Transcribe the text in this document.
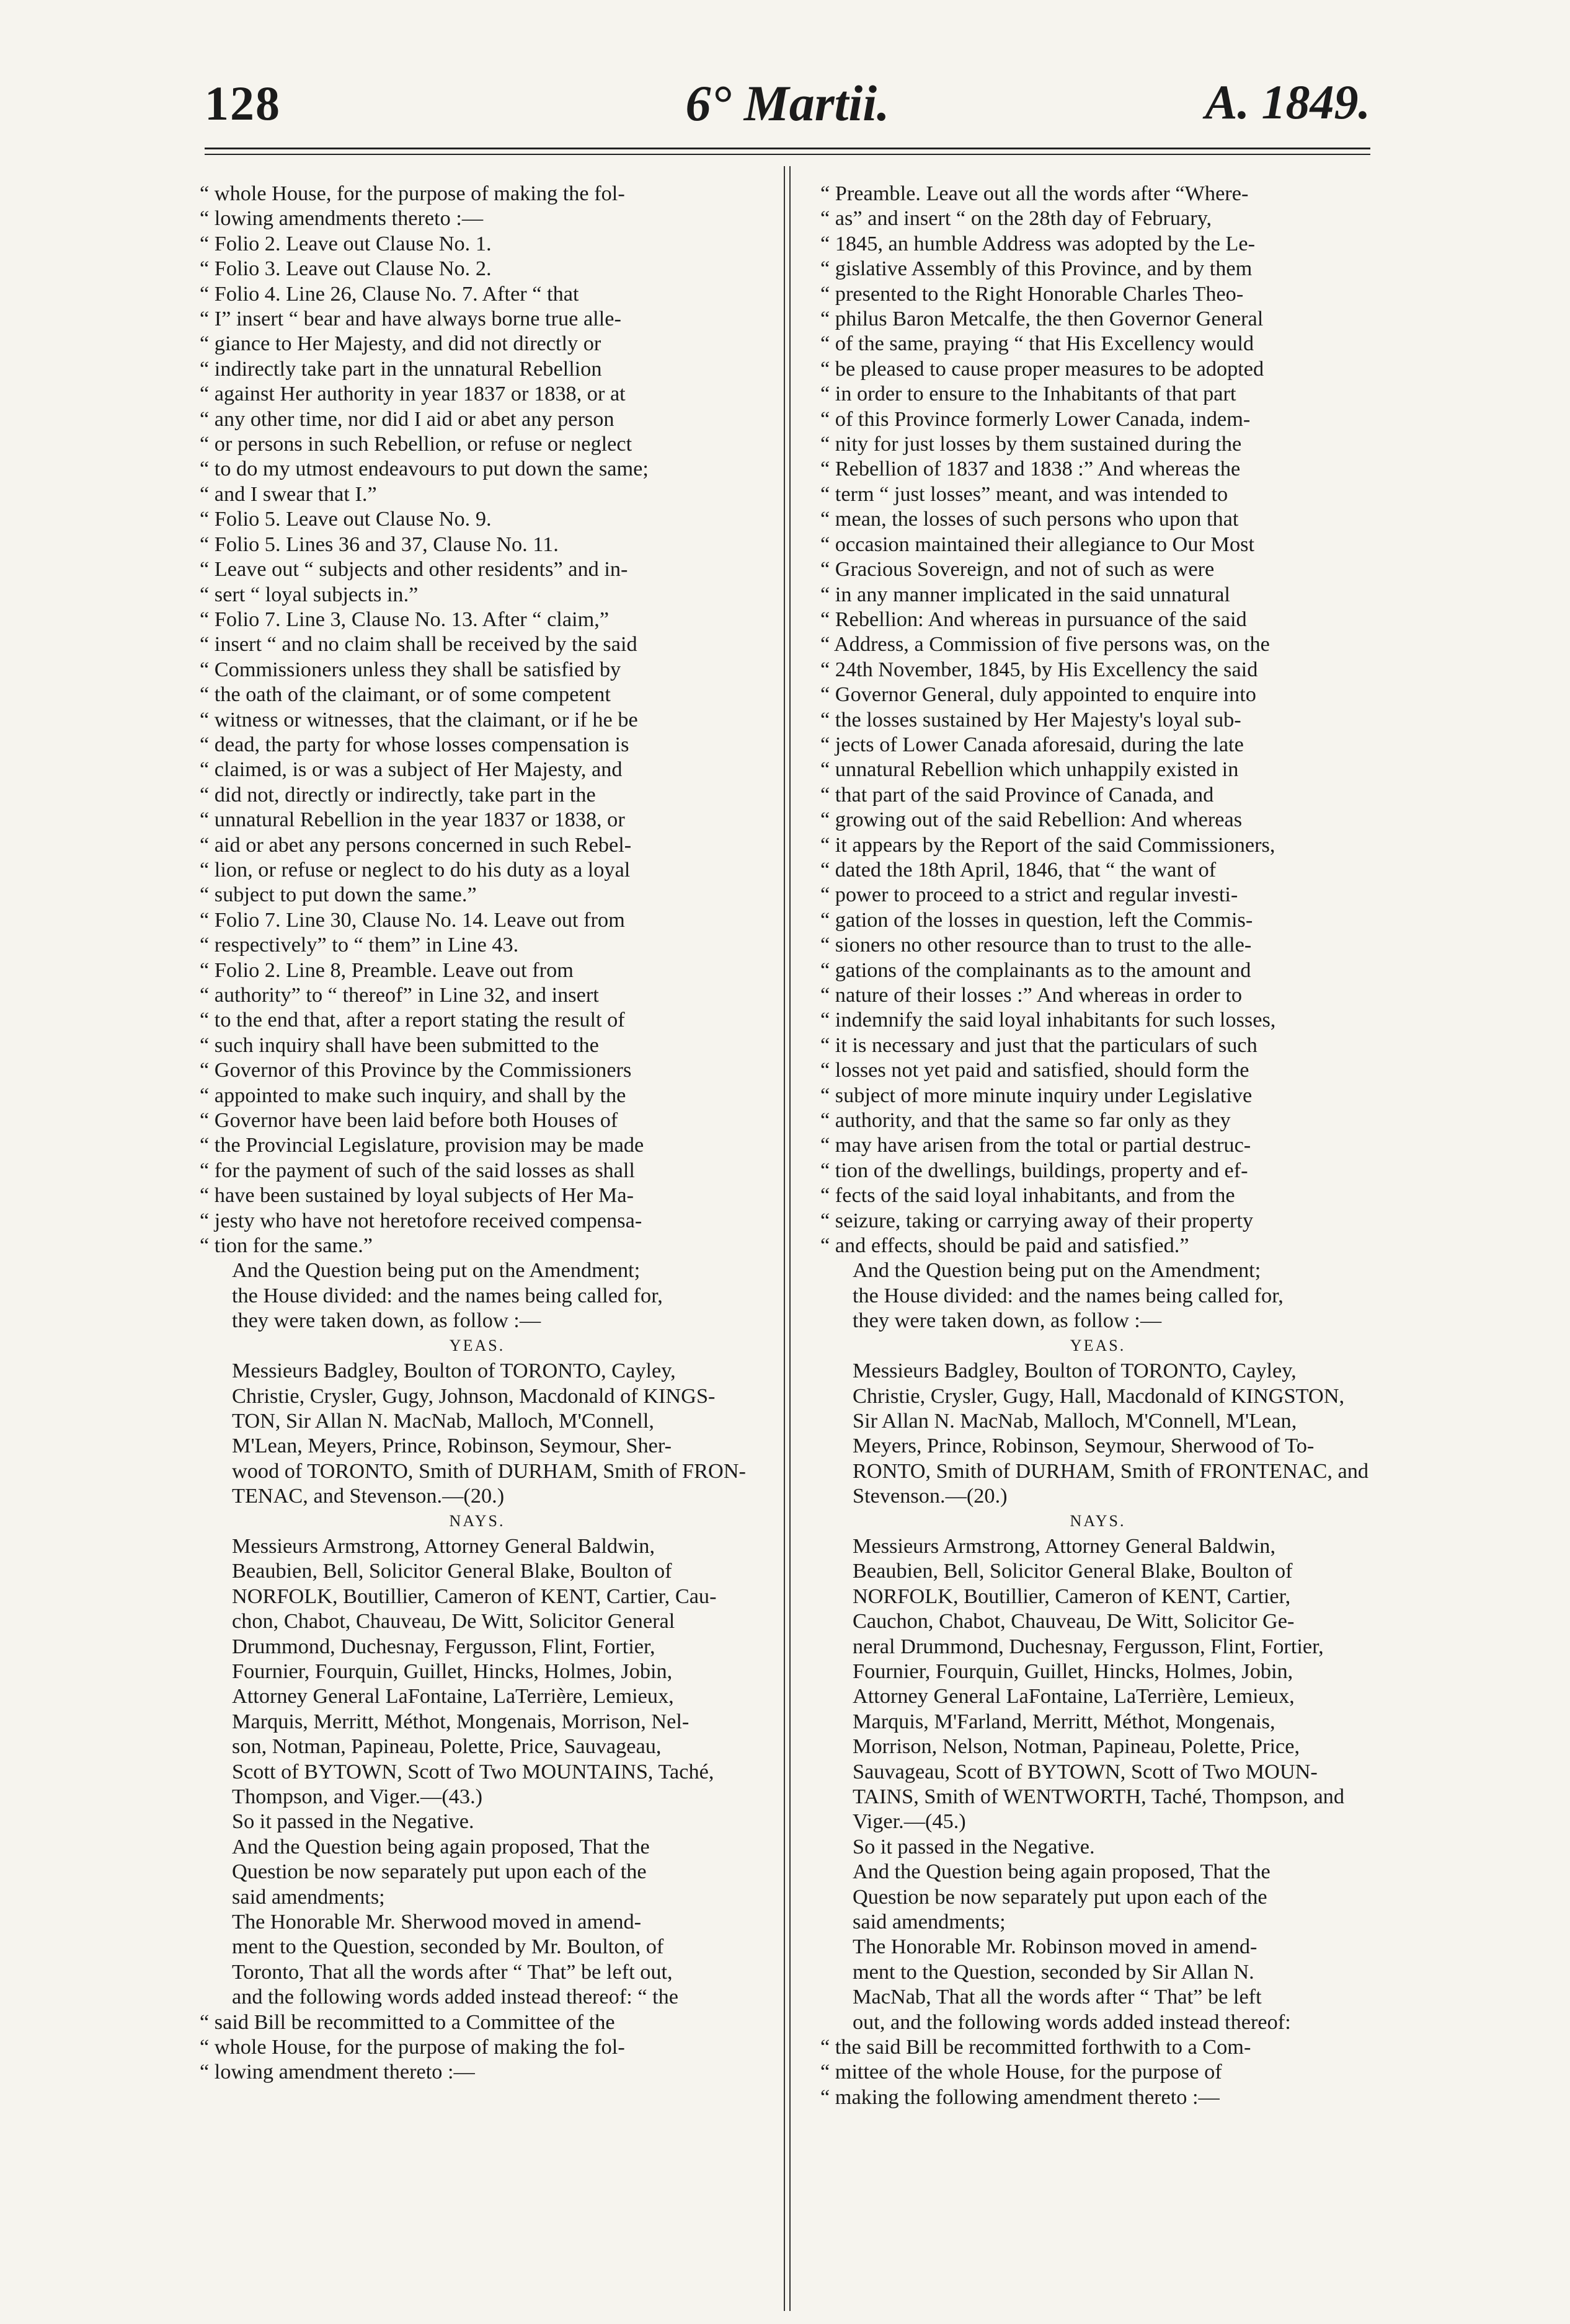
128	6° Martii.	A. 1849.

“ whole House, for the purpose of making the fol-

“ lowing amendments thereto :—

“ Folio 2. Leave out Clause No. 1.

“ Folio 3. Leave out Clause No. 2.

“ Folio 4. Line 26, Clause No. 7. After “ that

“ I” insert “ bear and have always borne true alle-

“ giance to Her Majesty, and did not directly or

“ indirectly take part in the unnatural Rebellion

“ against Her authority in year 1837 or 1838, or at

“ any other time, nor did I aid or abet any person

“ or persons in such Rebellion, or refuse or neglect

“ to do my utmost endeavours to put down the same;

“ and I swear that I.”

“ Folio 5. Leave out Clause No. 9.

“ Folio 5. Lines 36 and 37, Clause No. 11.

“ Leave out “ subjects and other residents” and in-

“ sert “ loyal subjects in.”

“ Folio 7. Line 3, Clause No. 13. After “ claim,”

“ insert “ and no claim shall be received by the said

“ Commissioners unless they shall be satisfied by

“ the oath of the claimant, or of some competent

“ witness or witnesses, that the claimant, or if he be

“ dead, the party for whose losses compensation is

“ claimed, is or was a subject of Her Majesty, and

“ did not, directly or indirectly, take part in the

“ unnatural Rebellion in the year 1837 or 1838, or

“ aid or abet any persons concerned in such Rebel-

“ lion, or refuse or neglect to do his duty as a loyal

“ subject to put down the same.”

“ Folio 7. Line 30, Clause No. 14. Leave out from

“ respectively” to “ them” in Line 43.

“ Folio 2. Line 8, Preamble. Leave out from

“ authority” to “ thereof” in Line 32, and insert

“ to the end that, after a report stating the result of

“ such inquiry shall have been submitted to the

“ Governor of this Province by the Commissioners

“ appointed to make such inquiry, and shall by the

“ Governor have been laid before both Houses of

“ the Provincial Legislature, provision may be made

“ for the payment of such of the said losses as shall

“ have been sustained by loyal subjects of Her Ma-

“ jesty who have not heretofore received compensa-

“ tion for the same.”

And the Question being put on the Amendment;

the House divided: and the names being called for,

they were taken down, as follow :—

YEAS.

Messieurs Badgley, Boulton of TORONTO, Cayley,

Christie, Crysler, Gugy, Johnson, Macdonald of KINGS-

TON, Sir Allan N. MacNab, Malloch, M'Connell,

M'Lean, Meyers, Prince, Robinson, Seymour, Sher-

wood of TORONTO, Smith of DURHAM, Smith of FRON-

TENAC, and Stevenson.—(20.)

NAYS.

Messieurs Armstrong, Attorney General Baldwin,

Beaubien, Bell, Solicitor General Blake, Boulton of

NORFOLK, Boutillier, Cameron of KENT, Cartier, Cau-

chon, Chabot, Chauveau, De Witt, Solicitor General

Drummond, Duchesnay, Fergusson, Flint, Fortier,

Fournier, Fourquin, Guillet, Hincks, Holmes, Jobin,

Attorney General LaFontaine, LaTerrière, Lemieux,

Marquis, Merritt, Méthot, Mongenais, Morrison, Nel-

son, Notman, Papineau, Polette, Price, Sauvageau,

Scott of BYTOWN, Scott of Two MOUNTAINS, Taché,

Thompson, and Viger.—(43.)

So it passed in the Negative.

And the Question being again proposed, That the

Question be now separately put upon each of the

said amendments;

The Honorable Mr. Sherwood moved in amend-

ment to the Question, seconded by Mr. Boulton, of

Toronto, That all the words after “ That” be left out,

and the following words added instead thereof: “ the

“ said Bill be recommitted to a Committee of the

“ whole House, for the purpose of making the fol-

“ lowing amendment thereto :—

“ Preamble. Leave out all the words after “Where-

“ as” and insert “ on the 28th day of February,

“ 1845, an humble Address was adopted by the Le-

“ gislative Assembly of this Province, and by them

“ presented to the Right Honorable Charles Theo-

“ philus Baron Metcalfe, the then Governor General

“ of the same, praying “ that His Excellency would

“ be pleased to cause proper measures to be adopted

“ in order to ensure to the Inhabitants of that part

“ of this Province formerly Lower Canada, indem-

“ nity for just losses by them sustained during the

“ Rebellion of 1837 and 1838 :” And whereas the

“ term “ just losses” meant, and was intended to

“ mean, the losses of such persons who upon that

“ occasion maintained their allegiance to Our Most

“ Gracious Sovereign, and not of such as were

“ in any manner implicated in the said unnatural

“ Rebellion: And whereas in pursuance of the said

“ Address, a Commission of five persons was, on the

“ 24th November, 1845, by His Excellency the said

“ Governor General, duly appointed to enquire into

“ the losses sustained by Her Majesty's loyal sub-

“ jects of Lower Canada aforesaid, during the late

“ unnatural Rebellion which unhappily existed in

“ that part of the said Province of Canada, and

“ growing out of the said Rebellion: And whereas

“ it appears by the Report of the said Commissioners,

“ dated the 18th April, 1846, that “ the want of

“ power to proceed to a strict and regular investi-

“ gation of the losses in question, left the Commis-

“ sioners no other resource than to trust to the alle-

“ gations of the complainants as to the amount and

“ nature of their losses :” And whereas in order to

“ indemnify the said loyal inhabitants for such losses,

“ it is necessary and just that the particulars of such

“ losses not yet paid and satisfied, should form the

“ subject of more minute inquiry under Legislative

“ authority, and that the same so far only as they

“ may have arisen from the total or partial destruc-

“ tion of the dwellings, buildings, property and ef-

“ fects of the said loyal inhabitants, and from the

“ seizure, taking or carrying away of their property

“ and effects, should be paid and satisfied.”

And the Question being put on the Amendment;

the House divided: and the names being called for,

they were taken down, as follow :—

YEAS.

Messieurs Badgley, Boulton of TORONTO, Cayley,

Christie, Crysler, Gugy, Hall, Macdonald of KINGSTON,

Sir Allan N. MacNab, Malloch, M'Connell, M'Lean,

Meyers, Prince, Robinson, Seymour, Sherwood of To-

RONTO, Smith of DURHAM, Smith of FRONTENAC, and

Stevenson.—(20.)

NAYS.

Messieurs Armstrong, Attorney General Baldwin,

Beaubien, Bell, Solicitor General Blake, Boulton of

NORFOLK, Boutillier, Cameron of KENT, Cartier,

Cauchon, Chabot, Chauveau, De Witt, Solicitor Ge-

neral Drummond, Duchesnay, Fergusson, Flint, Fortier,

Fournier, Fourquin, Guillet, Hincks, Holmes, Jobin,

Attorney General LaFontaine, LaTerrière, Lemieux,

Marquis, M'Farland, Merritt, Méthot, Mongenais,

Morrison, Nelson, Notman, Papineau, Polette, Price,

Sauvageau, Scott of BYTOWN, Scott of Two MOUN-

TAINS, Smith of WENTWORTH, Taché, Thompson, and

Viger.—(45.)

So it passed in the Negative.

And the Question being again proposed, That the

Question be now separately put upon each of the

said amendments;

The Honorable Mr. Robinson moved in amend-

ment to the Question, seconded by Sir Allan N.

MacNab, That all the words after “ That” be left

out, and the following words added instead thereof:

“ the said Bill be recommitted forthwith to a Com-

“ mittee of the whole House, for the purpose of

“ making the following amendment thereto :—
